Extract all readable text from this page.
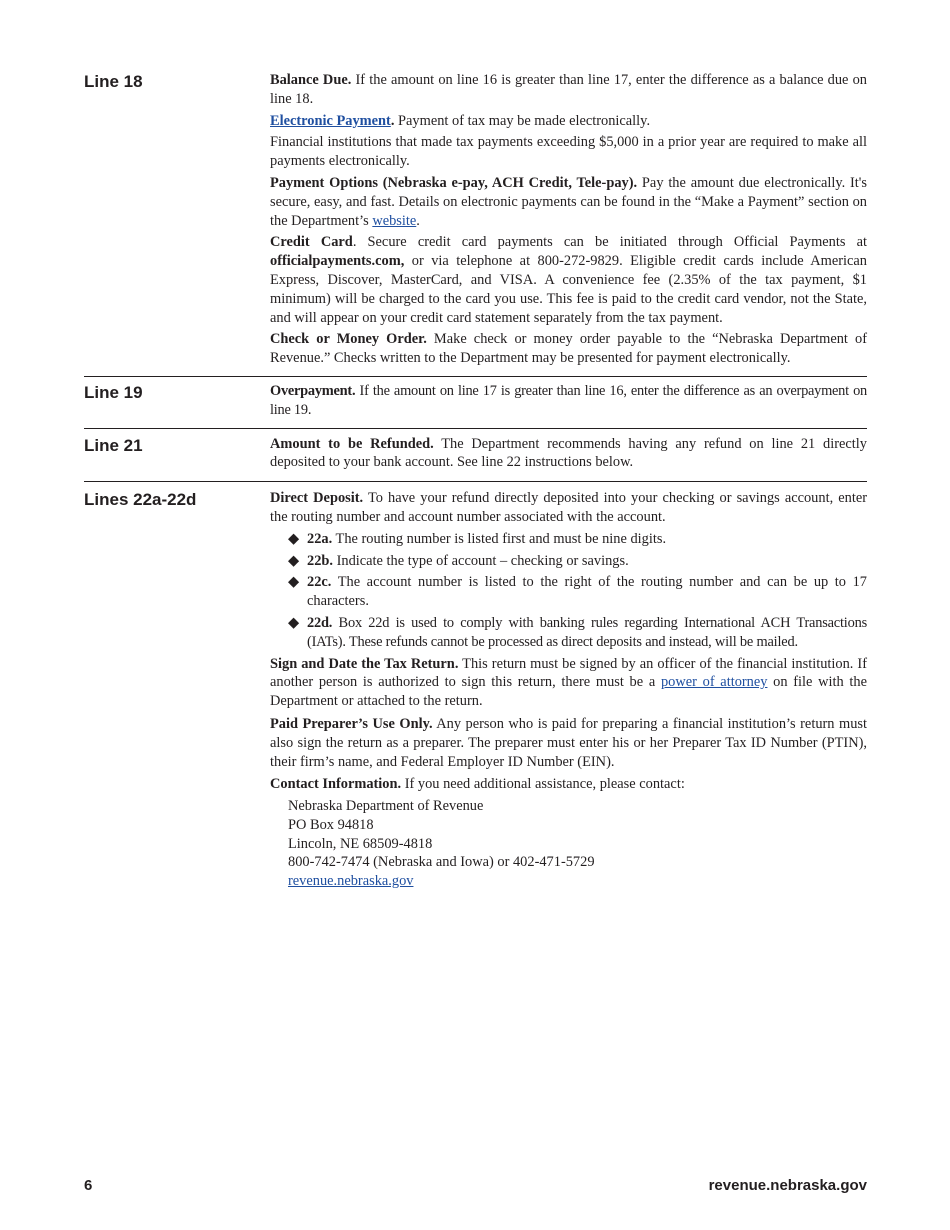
Line 18	Balance Due. If the amount on line 16 is greater than line 17, enter the difference as a balance due on line 18.

Electronic Payment. Payment of tax may be made electronically.

Financial institutions that made tax payments exceeding $5,000 in a prior year are required to make all payments electronically.

Payment Options (Nebraska e-pay, ACH Credit, Tele-pay). Pay the amount due electronically. It's secure, easy, and fast. Details on electronic payments can be found in the “Make a Payment” section on the Department’s website.

Credit Card. Secure credit card payments can be initiated through Official Payments at officialpayments.com, or via telephone at 800-272-9829. Eligible credit cards include American Express, Discover, MasterCard, and VISA. A convenience fee (2.35% of the tax payment, $1 minimum) will be charged to the card you use. This fee is paid to the credit card vendor, not the State, and will appear on your credit card statement separately from the tax payment.

Check or Money Order. Make check or money order payable to the “Nebraska Department of Revenue.” Checks written to the Department may be presented for payment electronically.

Line 19	Overpayment. If the amount on line 17 is greater than line 16, enter the difference as an overpayment on line 19.

Line 21	Amount to be Refunded. The Department recommends having any refund on line 21 directly deposited to your bank account. See line 22 instructions below.

Lines 22a-22d	Direct Deposit. To have your refund directly deposited into your checking or savings account, enter the routing number and account number associated with the account.

◆ 22a. The routing number is listed first and must be nine digits.
◆ 22b. Indicate the type of account – checking or savings.
◆ 22c. The account number is listed to the right of the routing number and can be up to 17 characters.
◆ 22d. Box 22d is used to comply with banking rules regarding International ACH Transactions (IATs). These refunds cannot be processed as direct deposits and instead, will be mailed.

Sign and Date the Tax Return. This return must be signed by an officer of the financial institution. If another person is authorized to sign this return, there must be a power of attorney on file with the Department or attached to the return.

Paid Preparer’s Use Only. Any person who is paid for preparing a financial institution’s return must also sign the return as a preparer. The preparer must enter his or her Preparer Tax ID Number (PTIN), their firm’s name, and Federal Employer ID Number (EIN).

Contact Information. If you need additional assistance, please contact:

Nebraska Department of Revenue
PO Box 94818
Lincoln, NE 68509-4818
800-742-7474 (Nebraska and Iowa) or 402-471-5729
revenue.nebraska.gov
6	revenue.nebraska.gov
